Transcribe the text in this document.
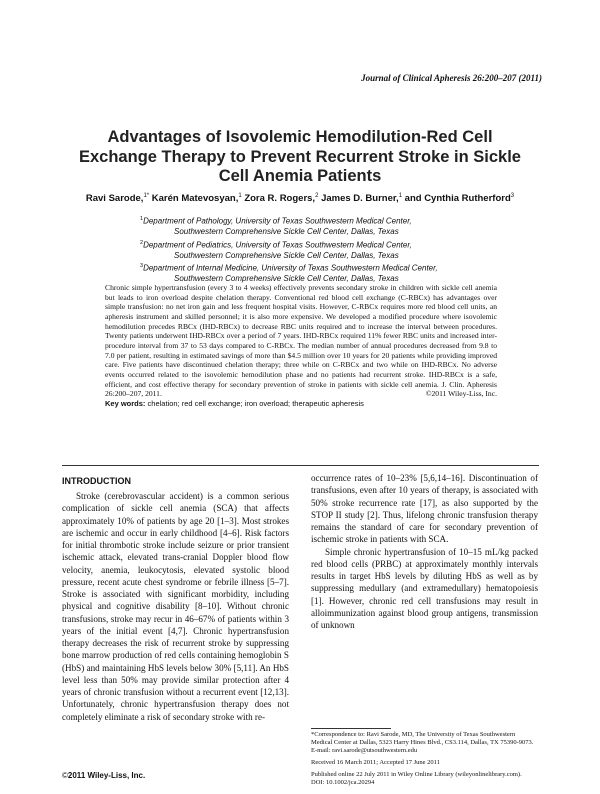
Journal of Clinical Apheresis 26:200–207 (2011)
Advantages of Isovolemic Hemodilution-Red Cell Exchange Therapy to Prevent Recurrent Stroke in Sickle Cell Anemia Patients
Ravi Sarode,$^{1*}$ Karén Matevosyan,$^1$ Zora R. Rogers,$^2$ James D. Burner,$^1$ and Cynthia Rutherford$^3$
$^1$Department of Pathology, University of Texas Southwestern Medical Center,
Southwestern Comprehensive Sickle Cell Center, Dallas, Texas
$^2$Department of Pediatrics, University of Texas Southwestern Medical Center,
Southwestern Comprehensive Sickle Cell Center, Dallas, Texas
$^3$Department of Internal Medicine, University of Texas Southwestern Medical Center,
Southwestern Comprehensive Sickle Cell Center, Dallas, Texas
Chronic simple hypertransfusion (every 3 to 4 weeks) effectively prevents secondary stroke in children with sickle cell anemia but leads to iron overload despite chelation therapy. Conventional red blood cell exchange (C-RBCx) has advantages over simple transfusion: no net iron gain and less frequent hospital visits. However, C-RBCx requires more red blood cell units, an apheresis instrument and skilled personnel; it is also more expensive. We developed a modified procedure where isovolemic hemodilution precedes RBCx (IHD-RBCx) to decrease RBC units required and to increase the interval between procedures. Twenty patients underwent IHD-RBCx over a period of 7 years. IHD-RBCx required 11% fewer RBC units and increased inter-procedure interval from 37 to 53 days compared to C-RBCx. The median number of annual procedures decreased from 9.8 to 7.0 per patient, resulting in estimated savings of more than $4.5 million over 10 years for 20 patients while providing improved care. Five patients have discontinued chelation therapy; three while on C-RBCx and two while on IHD-RBCx. No adverse events occurred related to the isovolemic hemodilution phase and no patients had recurrent stroke. IHD-RBCx is a safe, efficient, and cost effective therapy for secondary prevention of stroke in patients with sickle cell anemia. J. Clin. Apheresis 26:200–207, 2011.	©2011 Wiley-Liss, Inc.
Key words: chelation; red cell exchange; iron overload; therapeutic apheresis
INTRODUCTION
Stroke (cerebrovascular accident) is a common serious complication of sickle cell anemia (SCA) that affects approximately 10% of patients by age 20 [1–3]. Most strokes are ischemic and occur in early childhood [4–6]. Risk factors for initial thrombotic stroke include seizure or prior transient ischemic attack, elevated trans-cranial Doppler blood flow velocity, anemia, leukocytosis, elevated systolic blood pressure, recent acute chest syndrome or febrile illness [5–7]. Stroke is associated with significant morbidity, including physical and cognitive disability [8–10]. Without chronic transfusions, stroke may recur in 46–67% of patients within 3 years of the initial event [4,7]. Chronic hypertransfusion therapy decreases the risk of recurrent stroke by suppressing bone marrow production of red cells containing hemoglobin S (HbS) and maintaining HbS levels below 30% [5,11]. An HbS level less than 50% may provide similar protection after 4 years of chronic transfusion without a recurrent event [12,13]. Unfortunately, chronic hypertransfusion therapy does not completely eliminate a risk of secondary stroke with re-

occurrence rates of 10–23% [5,6,14–16]. Discontinuation of transfusions, even after 10 years of therapy, is associated with 50% stroke recurrence rate [17], as also supported by the STOP II study [2]. Thus, lifelong chronic transfusion therapy remains the standard of care for secondary prevention of ischemic stroke in patients with SCA.

Simple chronic hypertransfusion of 10–15 mL/kg packed red blood cells (PRBC) at approximately monthly intervals results in target HbS levels by diluting HbS as well as by suppressing medullary (and extramedullary) hematopoiesis [1]. However, chronic red cell transfusions may result in alloimmunization against blood group antigens, transmission of unknown

*Correspondence to: Ravi Sarode, MD, The University of Texas Southwestern Medical Center at Dallas, 5323 Harry Hines Blvd., CS3.114, Dallas, TX 75390-9073.
E-mail: ravi.sarode@utsouthwestern.edu
Received 16 March 2011; Accepted 17 June 2011
Published online 22 July 2011 in Wiley Online Library (wileyonlinelibrary.com).
DOI: 10.1002/jca.20294
©2011 Wiley-Liss, Inc.
